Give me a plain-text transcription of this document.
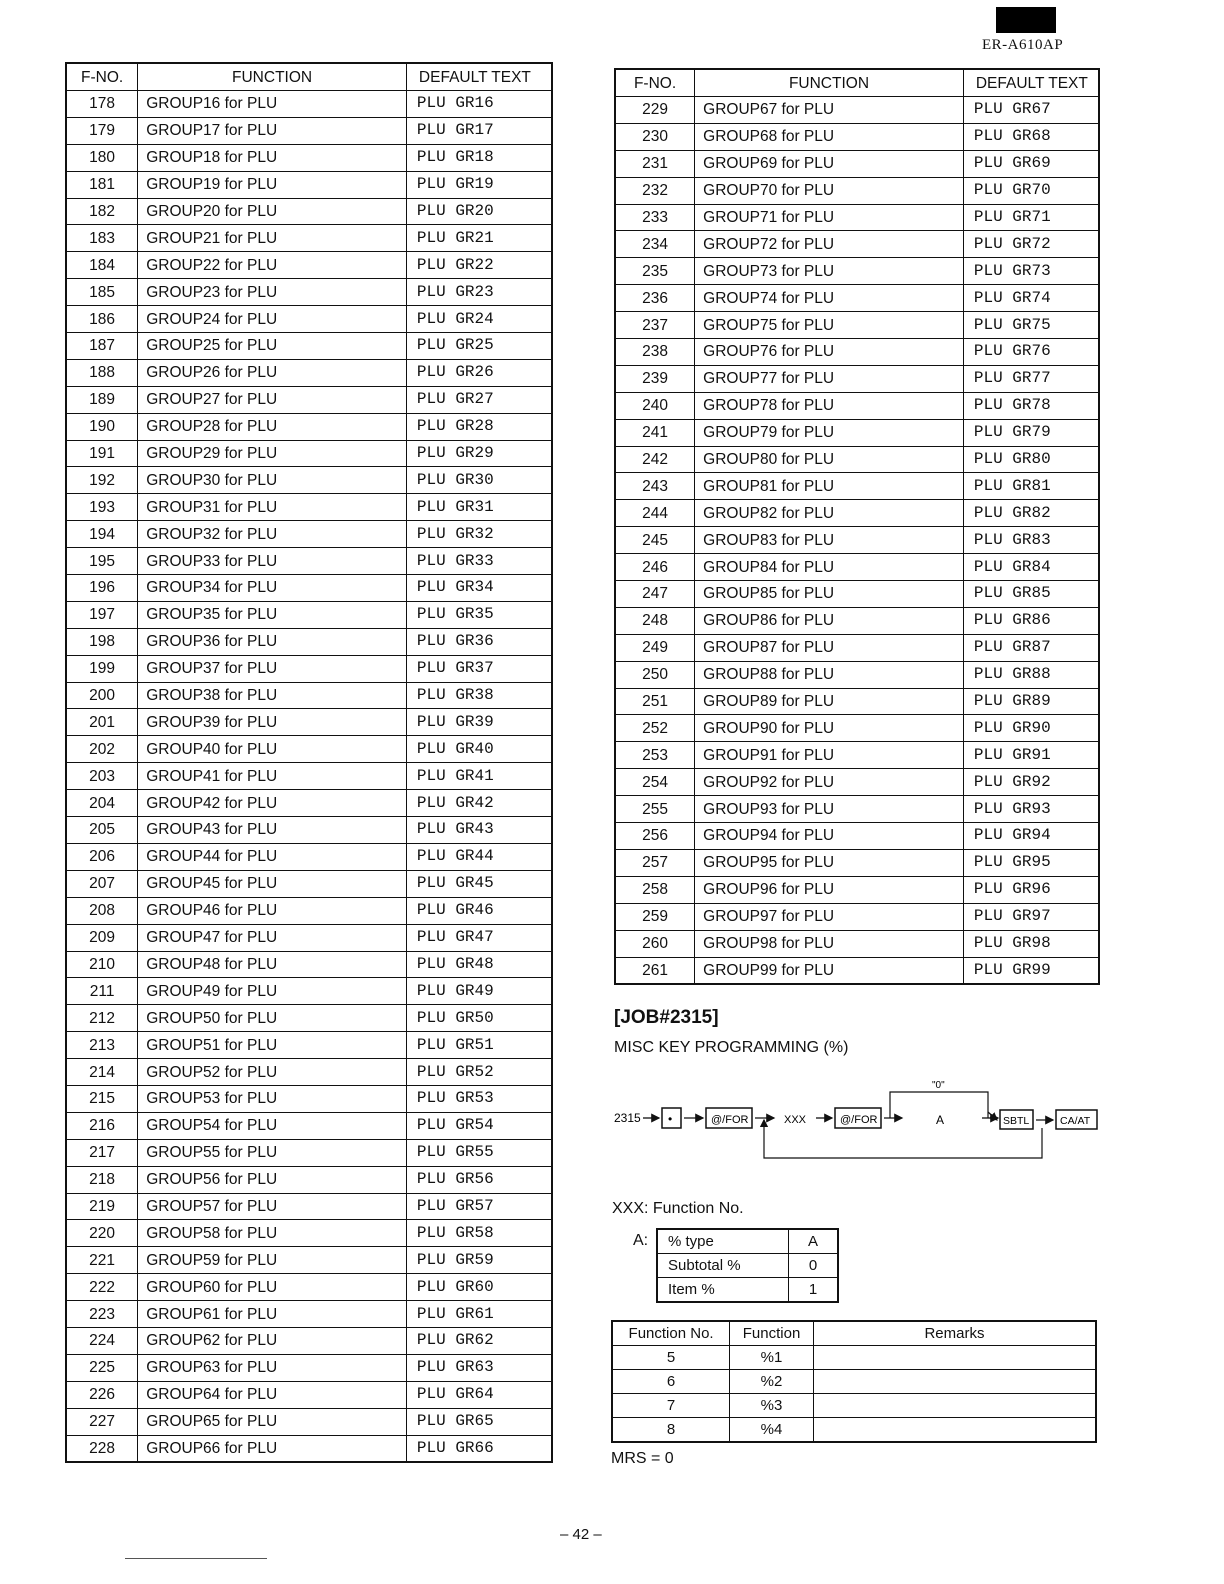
ER-A610AP
F-NO.	FUNCTION	DEFAULT TEXT
178	GROUP16 for PLU	PLU GR16
179	GROUP17 for PLU	PLU GR17
180	GROUP18 for PLU	PLU GR18
181	GROUP19 for PLU	PLU GR19
182	GROUP20 for PLU	PLU GR20
183	GROUP21 for PLU	PLU GR21
184	GROUP22 for PLU	PLU GR22
185	GROUP23 for PLU	PLU GR23
186	GROUP24 for PLU	PLU GR24
187	GROUP25 for PLU	PLU GR25
188	GROUP26 for PLU	PLU GR26
189	GROUP27 for PLU	PLU GR27
190	GROUP28 for PLU	PLU GR28
191	GROUP29 for PLU	PLU GR29
192	GROUP30 for PLU	PLU GR30
193	GROUP31 for PLU	PLU GR31
194	GROUP32 for PLU	PLU GR32
195	GROUP33 for PLU	PLU GR33
196	GROUP34 for PLU	PLU GR34
197	GROUP35 for PLU	PLU GR35
198	GROUP36 for PLU	PLU GR36
199	GROUP37 for PLU	PLU GR37
200	GROUP38 for PLU	PLU GR38
201	GROUP39 for PLU	PLU GR39
202	GROUP40 for PLU	PLU GR40
203	GROUP41 for PLU	PLU GR41
204	GROUP42 for PLU	PLU GR42
205	GROUP43 for PLU	PLU GR43
206	GROUP44 for PLU	PLU GR44
207	GROUP45 for PLU	PLU GR45
208	GROUP46 for PLU	PLU GR46
209	GROUP47 for PLU	PLU GR47
210	GROUP48 for PLU	PLU GR48
211	GROUP49 for PLU	PLU GR49
212	GROUP50 for PLU	PLU GR50
213	GROUP51 for PLU	PLU GR51
214	GROUP52 for PLU	PLU GR52
215	GROUP53 for PLU	PLU GR53
216	GROUP54 for PLU	PLU GR54
217	GROUP55 for PLU	PLU GR55
218	GROUP56 for PLU	PLU GR56
219	GROUP57 for PLU	PLU GR57
220	GROUP58 for PLU	PLU GR58
221	GROUP59 for PLU	PLU GR59
222	GROUP60 for PLU	PLU GR60
223	GROUP61 for PLU	PLU GR61
224	GROUP62 for PLU	PLU GR62
225	GROUP63 for PLU	PLU GR63
226	GROUP64 for PLU	PLU GR64
227	GROUP65 for PLU	PLU GR65
228	GROUP66 for PLU	PLU GR66
F-NO.	FUNCTION	DEFAULT TEXT
229	GROUP67 for PLU	PLU GR67
230	GROUP68 for PLU	PLU GR68
231	GROUP69 for PLU	PLU GR69
232	GROUP70 for PLU	PLU GR70
233	GROUP71 for PLU	PLU GR71
234	GROUP72 for PLU	PLU GR72
235	GROUP73 for PLU	PLU GR73
236	GROUP74 for PLU	PLU GR74
237	GROUP75 for PLU	PLU GR75
238	GROUP76 for PLU	PLU GR76
239	GROUP77 for PLU	PLU GR77
240	GROUP78 for PLU	PLU GR78
241	GROUP79 for PLU	PLU GR79
242	GROUP80 for PLU	PLU GR80
243	GROUP81 for PLU	PLU GR81
244	GROUP82 for PLU	PLU GR82
245	GROUP83 for PLU	PLU GR83
246	GROUP84 for PLU	PLU GR84
247	GROUP85 for PLU	PLU GR85
248	GROUP86 for PLU	PLU GR86
249	GROUP87 for PLU	PLU GR87
250	GROUP88 for PLU	PLU GR88
251	GROUP89 for PLU	PLU GR89
252	GROUP90 for PLU	PLU GR90
253	GROUP91 for PLU	PLU GR91
254	GROUP92 for PLU	PLU GR92
255	GROUP93 for PLU	PLU GR93
256	GROUP94 for PLU	PLU GR94
257	GROUP95 for PLU	PLU GR95
258	GROUP96 for PLU	PLU GR96
259	GROUP97 for PLU	PLU GR97
260	GROUP98 for PLU	PLU GR98
261	GROUP99 for PLU	PLU GR99
[JOB#2315]
MISC KEY PROGRAMMING (%)
2315 •	@/FOR	XXX	@/FOR
"0"
A	SBTL	CA/AT
XXX: Function No.
A: % type	A
Subtotal %	0
Item %	1
Function No.	Function	Remarks
5	%1	
6	%2	
7	%3	
8	%4	
MRS = 0
– 42 –
